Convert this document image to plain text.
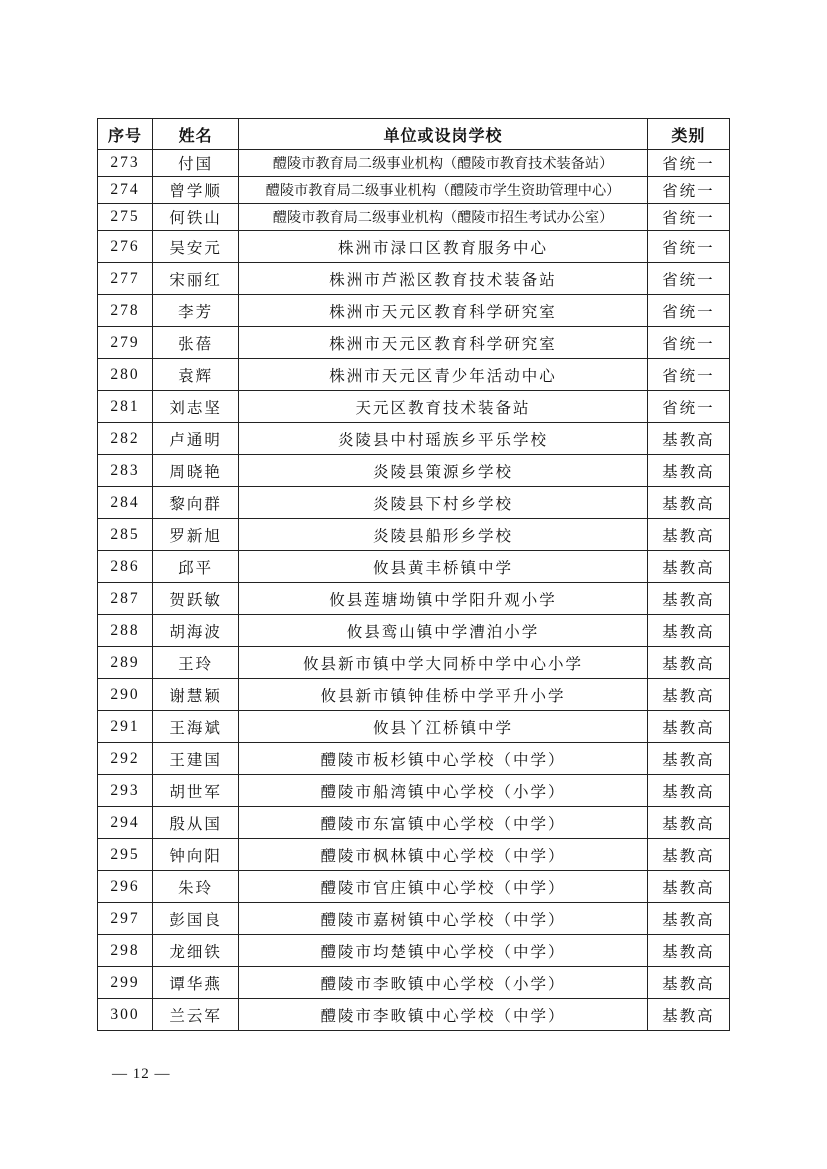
序号	姓名	单位或设岗学校	类别
273	付国	醴陵市教育局二级事业机构（醴陵市教育技术装备站）	省统一
274	曾学顺	醴陵市教育局二级事业机构（醴陵市学生资助管理中心）	省统一
275	何铁山	醴陵市教育局二级事业机构（醴陵市招生考试办公室）	省统一
276	吴安元	株洲市渌口区教育服务中心	省统一
277	宋丽红	株洲市芦淞区教育技术装备站	省统一
278	李芳	株洲市天元区教育科学研究室	省统一
279	张蓓	株洲市天元区教育科学研究室	省统一
280	袁辉	株洲市天元区青少年活动中心	省统一
281	刘志坚	天元区教育技术装备站	省统一
282	卢通明	炎陵县中村瑶族乡平乐学校	基教高
283	周晓艳	炎陵县策源乡学校	基教高
284	黎向群	炎陵县下村乡学校	基教高
285	罗新旭	炎陵县船形乡学校	基教高
286	邱平	攸县黄丰桥镇中学	基教高
287	贺跃敏	攸县莲塘坳镇中学阳升观小学	基教高
288	胡海波	攸县鸾山镇中学漕泊小学	基教高
289	王玲	攸县新市镇中学大同桥中学中心小学	基教高
290	谢慧颖	攸县新市镇钟佳桥中学平升小学	基教高
291	王海斌	攸县丫江桥镇中学	基教高
292	王建国	醴陵市板杉镇中心学校（中学）	基教高
293	胡世军	醴陵市船湾镇中心学校（小学）	基教高
294	殷从国	醴陵市东富镇中心学校（中学）	基教高
295	钟向阳	醴陵市枫林镇中心学校（中学）	基教高
296	朱玲	醴陵市官庄镇中心学校（中学）	基教高
297	彭国良	醴陵市嘉树镇中心学校（中学）	基教高
298	龙细铁	醴陵市均楚镇中心学校（中学）	基教高
299	谭华燕	醴陵市李畋镇中心学校（小学）	基教高
300	兰云军	醴陵市李畋镇中心学校（中学）	基教高
— 12 —
